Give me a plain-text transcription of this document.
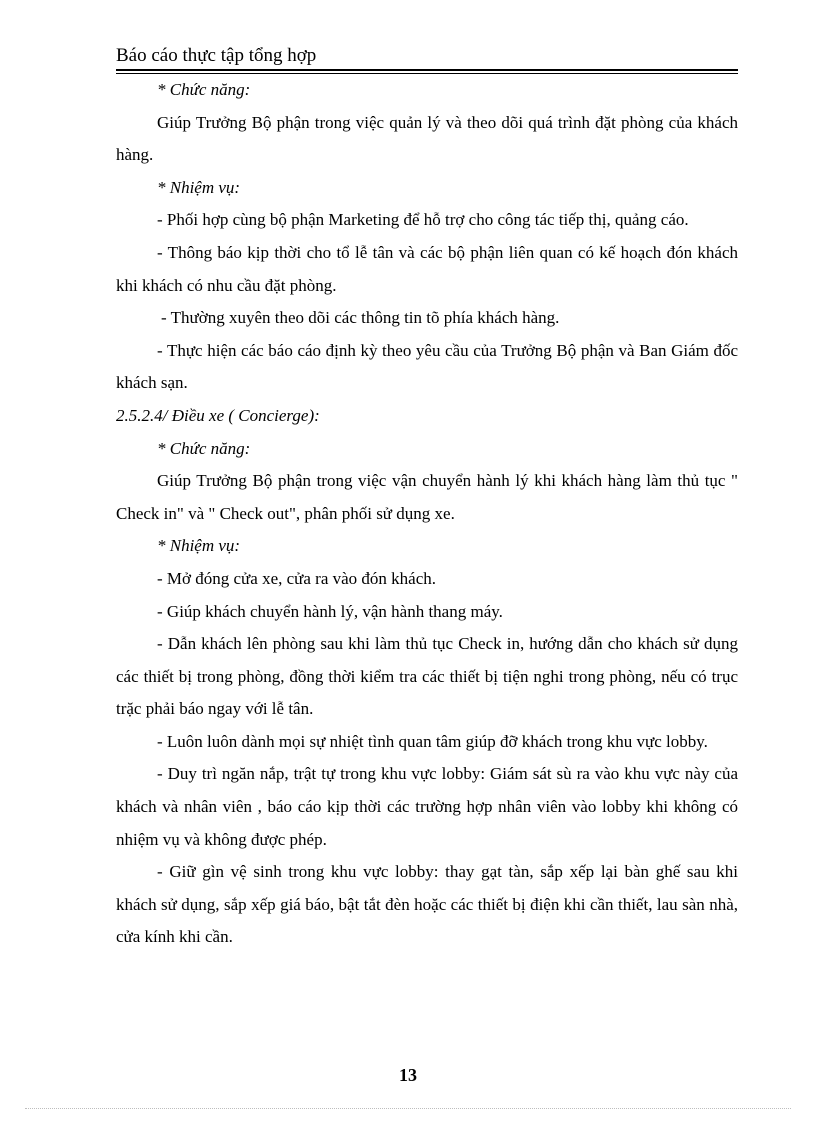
Báo cáo thực tập tổng hợp

* Chức năng:

Giúp Trưởng Bộ phận trong việc quản lý và theo dõi quá trình đặt phòng của khách hàng.

* Nhiệm vụ:

- Phối hợp cùng bộ phận Marketing để hỗ trợ cho công tác tiếp thị, quảng cáo.

- Thông báo kịp thời cho tổ lễ tân và các bộ phận liên quan có kế hoạch đón khách khi khách có nhu cầu đặt phòng.

- Thường xuyên theo dõi các thông tin tõ phía khách hàng.

- Thực hiện các báo cáo định kỳ theo yêu cầu của Trưởng Bộ phận và Ban Giám đốc khách sạn.

2.5.2.4/ Điều xe ( Concierge):

* Chức năng:

Giúp Trưởng Bộ phận trong việc vận chuyển hành lý khi khách hàng làm thủ tục " Check in" và " Check out", phân phối sử dụng xe.

* Nhiệm vụ:

- Mở đóng cửa xe, cửa ra vào đón khách.

- Giúp khách chuyển hành lý, vận hành thang máy.

- Dẫn khách lên phòng sau khi làm thủ tục Check in, hướng dẫn cho khách sử dụng các thiết bị trong phòng, đồng thời kiểm tra các thiết bị tiện nghi trong phòng, nếu có trục trặc phải báo ngay với lễ tân.

- Luôn luôn dành mọi sự nhiệt tình quan tâm giúp đỡ khách trong khu vực lobby.

- Duy trì ngăn nắp, trật tự trong khu vực lobby: Giám sát sù ra vào khu vực này của khách và nhân viên , báo cáo kịp thời các trường hợp nhân viên vào lobby khi không có nhiệm vụ và không được phép.

- Giữ gìn vệ sinh trong khu vực lobby: thay gạt tàn, sắp xếp lại bàn ghế sau khi khách sử dụng, sắp xếp giá báo, bật tắt đèn hoặc các thiết bị điện khi cần thiết, lau sàn nhà, cửa kính khi cần.

13
